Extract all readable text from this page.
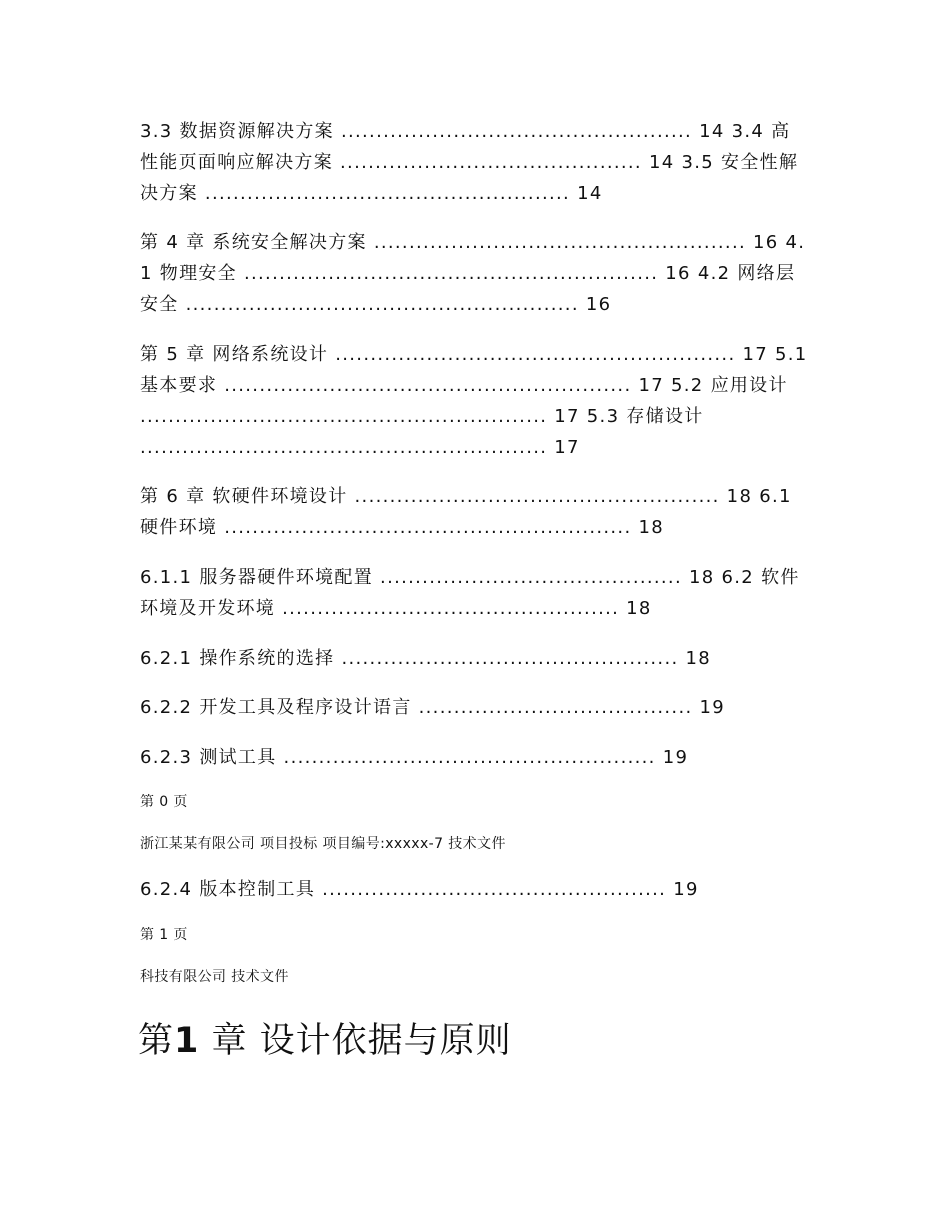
3.3 数据资源解决方案 .................................................. 14 3.4 高性能页面响应解决方案 ........................................... 14 3.5 安全性解决方案 .................................................... 14

第 4 章 系统安全解决方案 ..................................................... 16 4.1 物理安全 ........................................................... 16 4.2 网络层安全 ........................................................ 16

第 5 章 网络系统设计 ......................................................... 17 5.1 基本要求 .......................................................... 17 5.2 应用设计 .......................................................... 17 5.3 存储设计 .......................................................... 17

第 6 章 软硬件环境设计 .................................................... 18 6.1 硬件环境 .......................................................... 18

6.1.1 服务器硬件环境配置 ........................................... 18 6.2 软件环境及开发环境 ................................................ 18

6.2.1 操作系统的选择 ................................................ 18

6.2.2 开发工具及程序设计语言 ....................................... 19

6.2.3 测试工具 ..................................................... 19

第 0 页

浙江某某有限公司 项目投标 项目编号:xxxxx-7 技术文件

6.2.4 版本控制工具 ................................................. 19

第 1 页

科技有限公司 技术文件

第1 章 设计依据与原则
